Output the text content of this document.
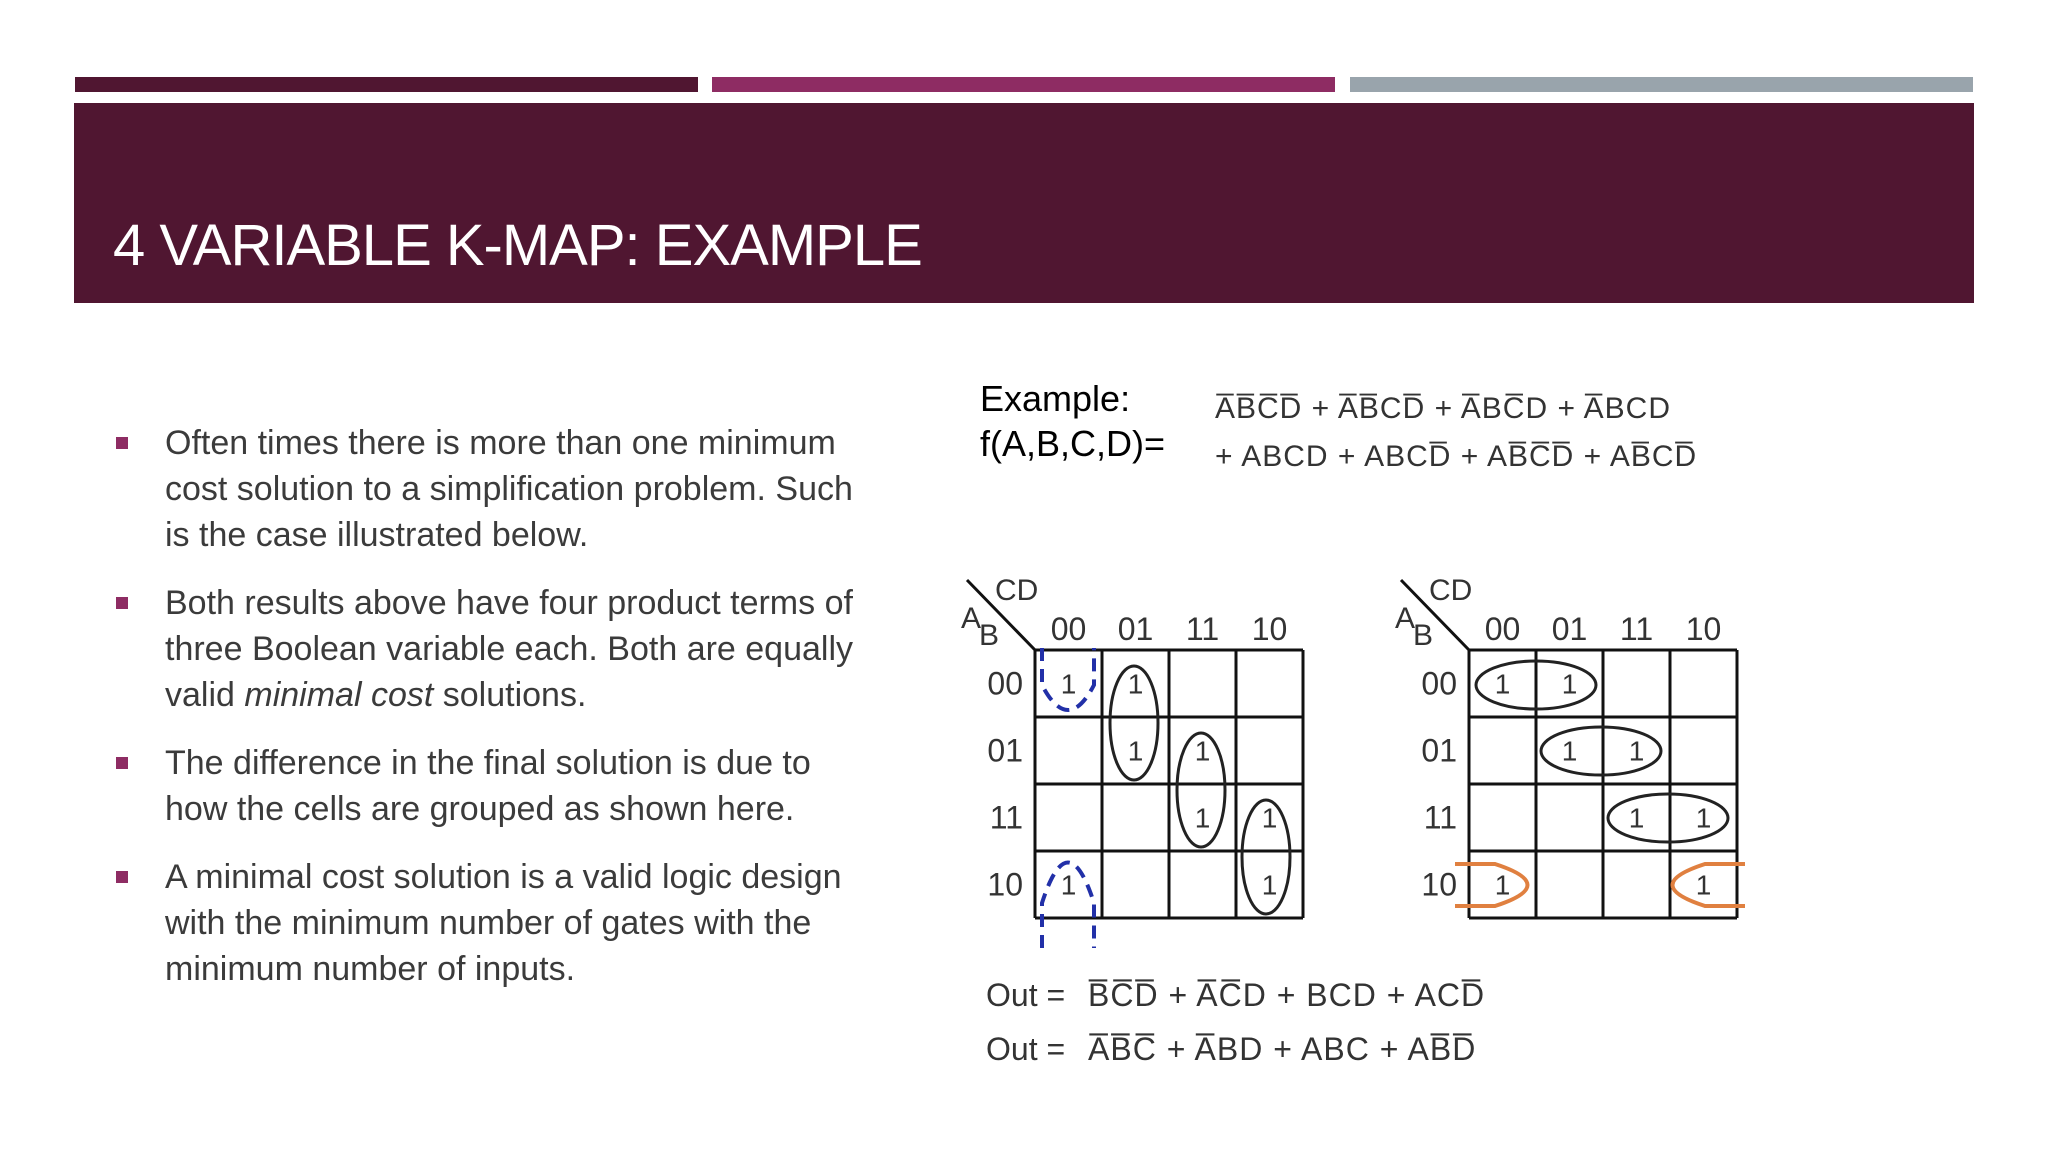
4 VARIABLE K-MAP: EXAMPLE
Often times there is more than one minimum cost solution to a simplification problem. Such is the case illustrated below.
Both results above have four product terms of three Boolean variable each. Both are equally valid minimal cost solutions.
The difference in the final solution is due to how the cells are grouped as shown here.
A minimal cost solution is a valid logic design with the minimum number of gates with the minimum number of inputs.
Example:
f(A,B,C,D)=
A̅B̅C̅D̅ + A̅B̅CD̅ + A̅BC̅D + A̅BCD
+ ABCD + ABCD̅ + AB̅C̅D̅ + AB̅CD̅
CD
A
B 00 01 11 10
00
01
11
10
1 1
1 1
1 1
1	1
CD
A
B 00 01 11 10
00
01
11
10
1 1
1 1
1 1
1	1
Out = B̅C̅D̅ + A̅C̅D + BCD + ACD̅
Out = A̅B̅C̅ + A̅BD + ABC + AB̅D̅
